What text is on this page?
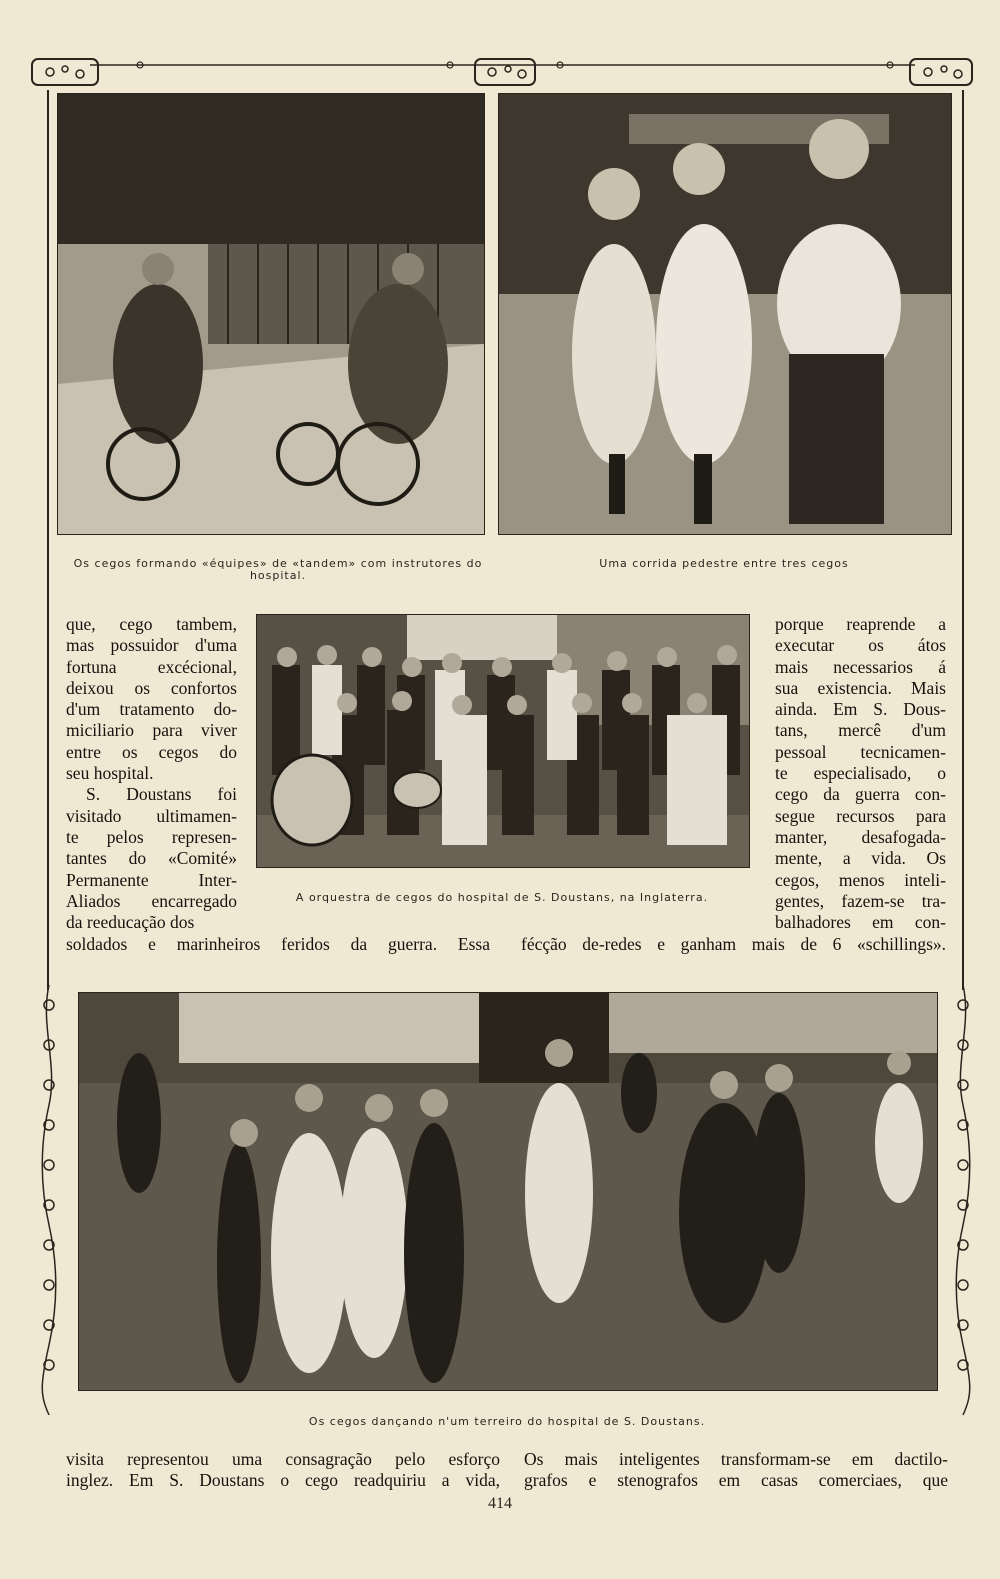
Os cegos formando «équipes» de «tandem» com instrutores do hospital.
Uma corrida pedestre entre tres cegos
que, cego tambem,
mas possuidor d'uma
fortuna excécional,
deixou os confortos
d'um tratamento do-
miciliario para viver
entre os cegos do
seu hospital.
S. Doustans foi
visitado ultimamen-
te pelos represen-
tantes do «Comité»
Permanente Inter-
Aliados encarregado
da reeducação dos
A orquestra de cegos do hospital de S. Doustans, na Inglaterra.
porque reaprende a
executar os átos
mais necessarios á
sua existencia. Mais
ainda. Em S. Dous-
tans, mercê d'um
pessoal tecnicamen-
te especialisado, o
cego da guerra con-
segue recursos para
manter, desafogada-
mente, a vida. Os
cegos, menos inteli-
gentes, fazem-se tra-
balhadores em con-
soldados e marinheiros feridos da guerra. Essa fécção de-redes e ganham mais de 6 «schillings».
Os cegos dançando n'um terreiro do hospital de S. Doustans.
visita representou uma consagração pelo esforço
inglez. Em S. Doustans o cego readquiriu a vida,
Os mais inteligentes transformam-se em dactilo-
grafos e stenografos em casas comerciaes, que
414
